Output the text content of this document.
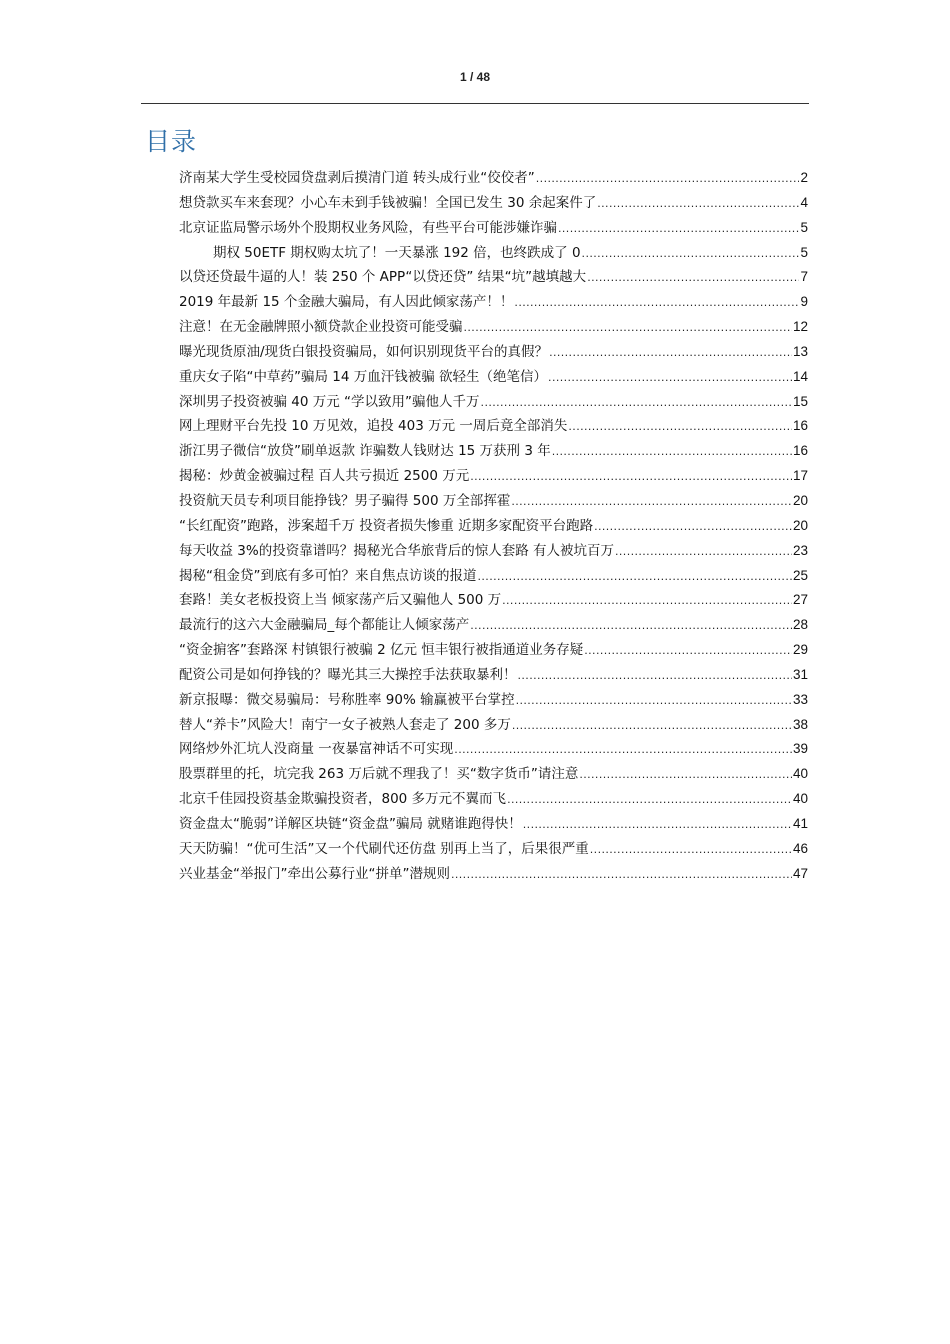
1 / 48
目录
济南某大学生受校园贷盘剥后摸清门道 转头成行业“佼佼者” .....	2
想贷款买车来套现？小心车未到手钱被骗！全国已发生 30 余起案件了 .....	4
北京证监局警示场外个股期权业务风险，有些平台可能涉嫌诈骗 .....	5
期权 50ETF 期权购太坑了！一天暴涨 192 倍，也终跌成了 0 .....	5
以贷还贷最牛逼的人！装 250 个 APP“以贷还贷” 结果“坑”越填越大 .....	7
2019 年最新 15 个金融大骗局，有人因此倾家荡产！！ .....	9
注意！在无金融牌照小额贷款企业投资可能受骗 .....	12
曝光现货原油/现货白银投资骗局，如何识别现货平台的真假？ .....	13
重庆女子陷“中草药”骗局 14 万血汗钱被骗 欲轻生（绝笔信） .....	14
深圳男子投资被骗 40 万元 “学以致用”骗他人千万 .....	15
网上理财平台先投 10 万见效，追投 403 万元 一周后竟全部消失 .....	16
浙江男子微信“放贷”刷单返款 诈骗数人钱财达 15 万获刑 3 年 .....	16
揭秘：炒黄金被骗过程 百人共亏损近 2500 万元 .....	17
投资航天员专利项目能挣钱？男子骗得 500 万全部挥霍 .....	20
“长红配资”跑路，涉案超千万 投资者损失惨重 近期多家配资平台跑路 .....	20
每天收益 3%的投资靠谱吗？揭秘光合华旅背后的惊人套路 有人被坑百万 .....	23
揭秘“租金贷”到底有多可怕？来自焦点访谈的报道 .....	25
套路！美女老板投资上当 倾家荡产后又骗他人 500 万 .....	27
最流行的这六大金融骗局_每个都能让人倾家荡产 .....	28
“资金掮客”套路深 村镇银行被骗 2 亿元 恒丰银行被指通道业务存疑 .....	29
配资公司是如何挣钱的？曝光其三大操控手法获取暴利！ .....	31
新京报曝：微交易骗局：号称胜率 90% 输赢被平台掌控 .....	33
替人“养卡”风险大！南宁一女子被熟人套走了 200 多万 .....	38
网络炒外汇坑人没商量 一夜暴富神话不可实现 .....	39
股票群里的托，坑完我 263 万后就不理我了！买“数字货币”请注意 .....	40
北京千佳园投资基金欺骗投资者，800 多万元不翼而飞 .....	40
资金盘太“脆弱”详解区块链“资金盘”骗局 就赌谁跑得快！ .....	41
天天防骗！“优可生活”又一个代刷代还仿盘 别再上当了，后果很严重 .....	46
兴业基金“举报门”牵出公募行业“拼单”潜规则 .....	47
